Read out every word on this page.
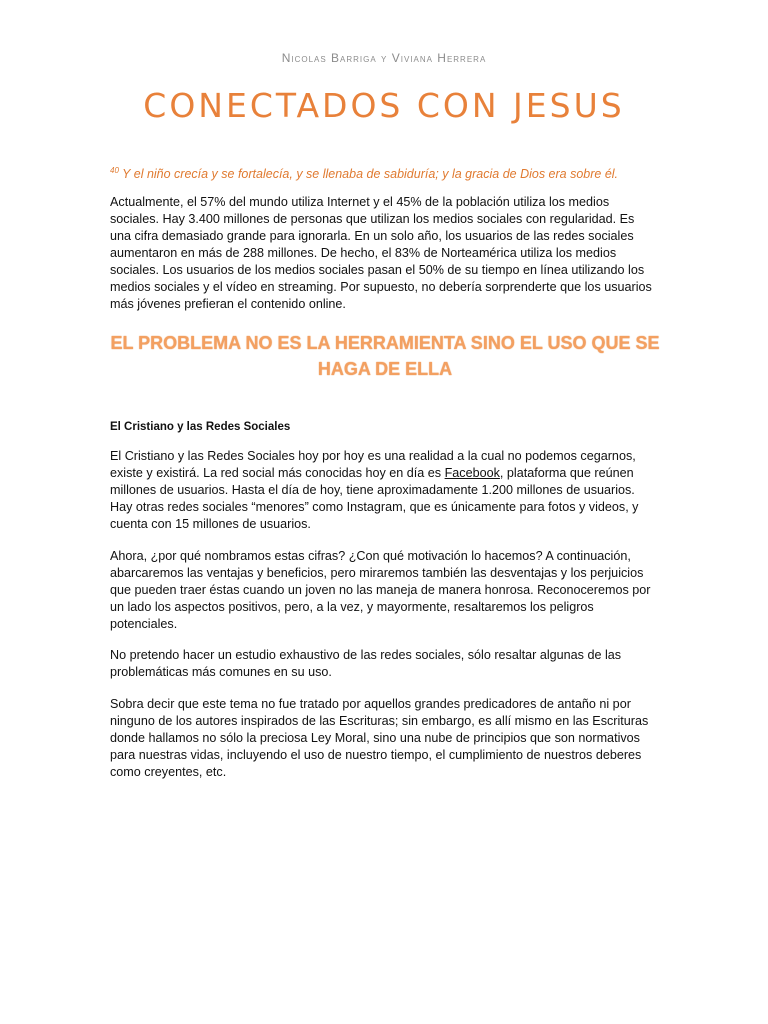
Nicolas Barriga y Viviana Herrera
CONECTADOS CON JESUS

$^{40}$ Y el niño crecía y se fortalecía, y se llenaba de sabiduría; y la gracia de Dios era sobre él.

Actualmente, el 57% del mundo utiliza Internet y el 45% de la población utiliza los medios sociales. Hay 3.400 millones de personas que utilizan los medios sociales con regularidad. Es una cifra demasiado grande para ignorarla. En un solo año, los usuarios de las redes sociales aumentaron en más de 288 millones. De hecho, el 83% de Norteamérica utiliza los medios sociales. Los usuarios de los medios sociales pasan el 50% de su tiempo en línea utilizando los medios sociales y el vídeo en streaming. Por supuesto, no debería sorprenderte que los usuarios más jóvenes prefieran el contenido online.

EL PROBLEMA NO ES LA HERRAMIENTA SINO EL USO QUE SE HAGA DE ELLA

El Cristiano y las Redes Sociales

El Cristiano y las Redes Sociales hoy por hoy es una realidad a la cual no podemos cegarnos, existe y existirá. La red social más conocidas hoy en día es Facebook, plataforma que reúnen millones de usuarios. Hasta el día de hoy, tiene aproximadamente 1.200 millones de usuarios. Hay otras redes sociales “menores” como Instagram, que es únicamente para fotos y videos, y cuenta con 15 millones de usuarios.

Ahora, ¿por qué nombramos estas cifras? ¿Con qué motivación lo hacemos? A continuación, abarcaremos las ventajas y beneficios, pero miraremos también las desventajas y los perjuicios que pueden traer éstas cuando un joven no las maneja de manera honrosa. Reconoceremos por un lado los aspectos positivos, pero, a la vez, y mayormente, resaltaremos los peligros potenciales.

No pretendo hacer un estudio exhaustivo de las redes sociales, sólo resaltar algunas de las problemáticas más comunes en su uso.

Sobra decir que este tema no fue tratado por aquellos grandes predicadores de antaño ni por ninguno de los autores inspirados de las Escrituras; sin embargo, es allí mismo en las Escrituras donde hallamos no sólo la preciosa Ley Moral, sino una nube de principios que son normativos para nuestras vidas, incluyendo el uso de nuestro tiempo, el cumplimiento de nuestros deberes como creyentes, etc.
